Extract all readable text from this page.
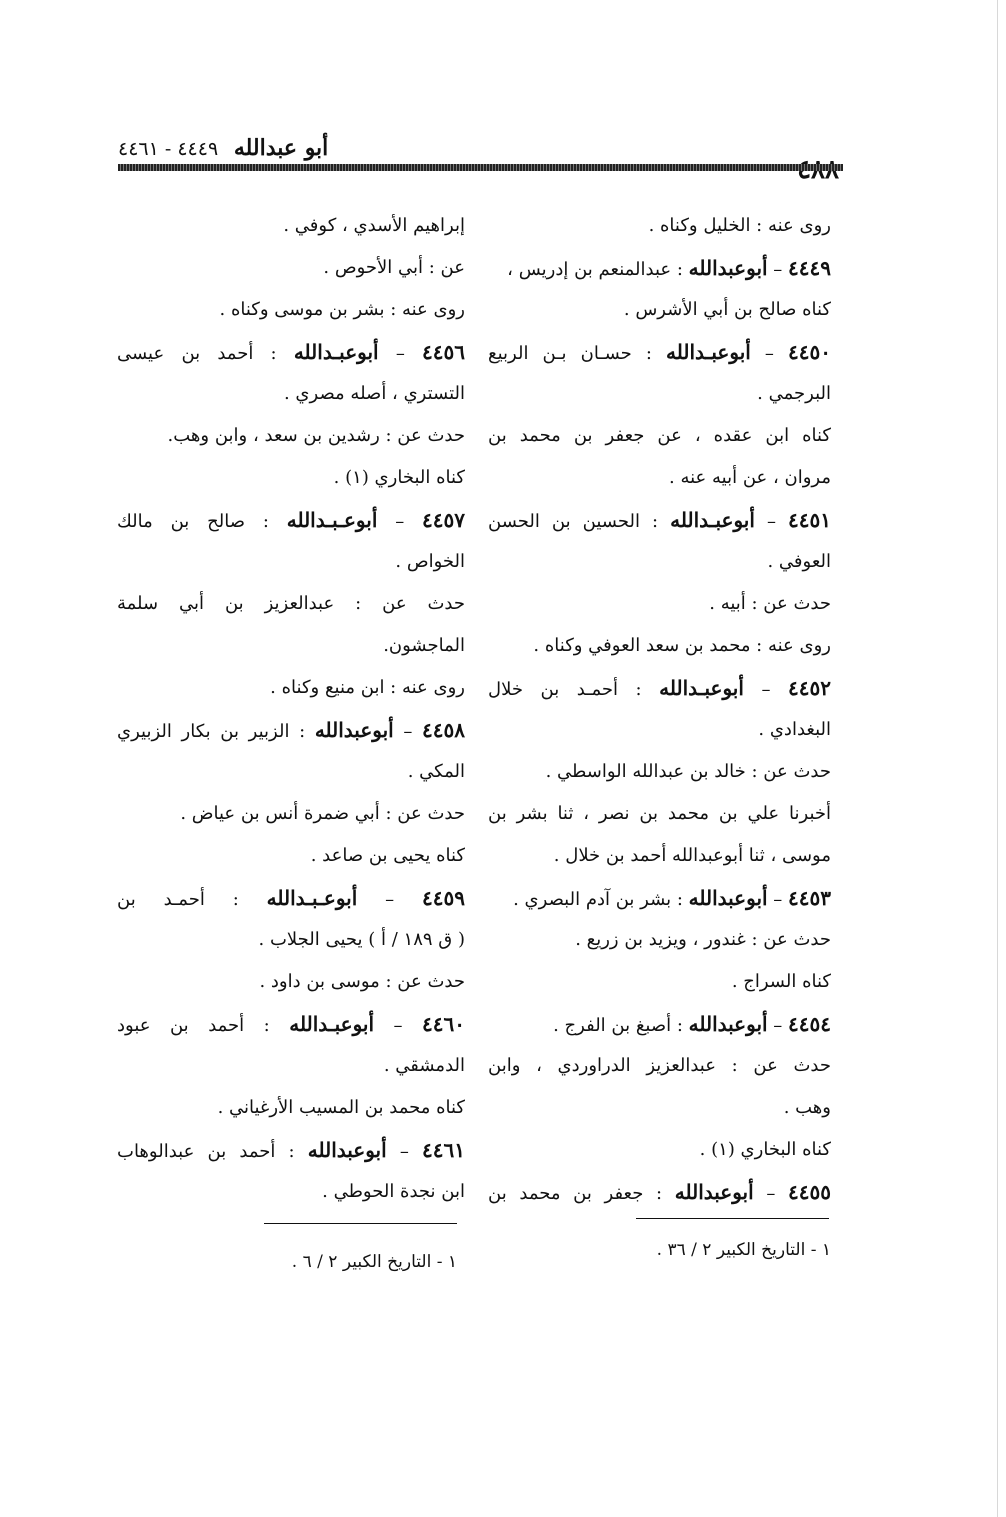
أبو عبدالله ٤٤٤٩ - ٤٤٦١
روى عنه : الخليل وكناه .
٤٤٤٩ – أبوعبدالله : عبدالمنعم بن إدريس ،
كناه صالح بن أبي الأشرس .
٤٤٥٠ – أبوعبـدالله : حسـان بـن الربيع
البرجمي .
كناه ابن عقده ، عن جعفر بن محمد بن
مروان ، عن أبيه عنه .
٤٤٥١ – أبوعبـدالله : الحسين بن الحسن
العوفي .
حدث عن : أبيه .
روى عنه : محمد بن سعد العوفي وكناه .
٤٤٥٢ – أبوعبـدالله : أحمـد بن خلال
البغدادي .
حدث عن : خالد بن عبدالله الواسطي .
أخبرنا علي بن محمد بن نصر ، ثنا بشر بن
موسى ، ثنا أبوعبدالله أحمد بن خلال .
٤٤٥٣ – أبوعبدالله : بشر بن آدم البصري .
حدث عن : غندور ، ويزيد بن زريع .
كناه السراج .
٤٤٥٤ – أبوعبدالله : أصبغ بن الفرج .
حدث عن : عبدالعزيز الدراوردي ، وابن
وهب .
كناه البخاري (١) .
٤٤٥٥ – أبوعبدالله : جعفر بن محمد بن
إبراهيم الأسدي ، كوفي .
عن : أبي الأحوص .
روى عنه : بشر بن موسى وكناه .
٤٤٥٦ – أبوعبـدالله : أحمد بن عيسى
التستري ، أصله مصري .
حدث عن : رشدين بن سعد ، وابن وهب.
كناه البخاري (١) .
٤٤٥٧ – أبوعـبـدالله : صالح بن مالك
الخواص .
حدث عن : عبدالعزيز بن أبي سلمة
الماجشون.
روى عنه : ابن منيع وكناه .
٤٤٥٨ – أبوعبدالله : الزبير بن بكار الزبيري
المكي .
حدث عن : أبي ضمرة أنس بن عياض .
كناه يحيى بن صاعد .
٤٤٥٩ – أبوعـبـدالله : أحمـد بن
( ق ١٨٩ / أ ) يحيى الجلاب .
حدث عن : موسى بن داود .
٤٤٦٠ – أبوعبـدالله : أحمد بن عبود
الدمشقي .
كناه محمد بن المسيب الأرغياني .
٤٤٦١ – أبوعبدالله : أحمد بن عبدالوهاب
ابن نجدة الحوطي .
١ - التاريخ الكبير ٢ / ٣٦ .
١ - التاريخ الكبير ٢ / ٦ .
